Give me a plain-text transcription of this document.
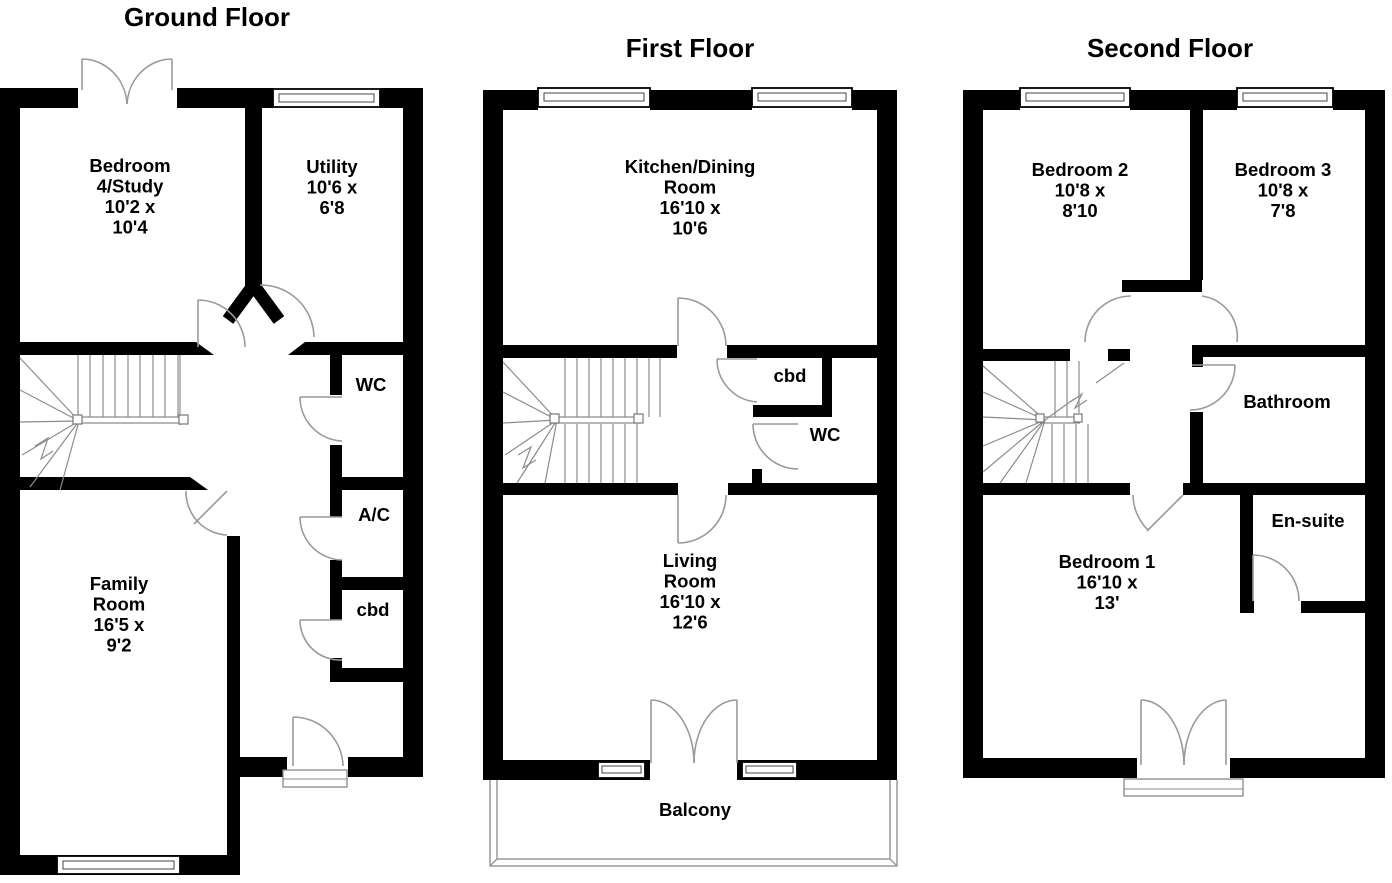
Ground Floor
Bedroom 4/Study 10'2 x 10'4
Utility 10'6 x 6'8
WC
A/C
cbd
Family Room 16'5 x 9'2
First Floor
Kitchen/Dining Room 16'10 x 10'6
cbd
WC
Living Room 16'10 x 12'6
Balcony
Second Floor
Bedroom 2 10'8 x 8'10
Bedroom 3 10'8 x 7'8
Bathroom
En-suite
Bedroom 1 16'10 x 13'
